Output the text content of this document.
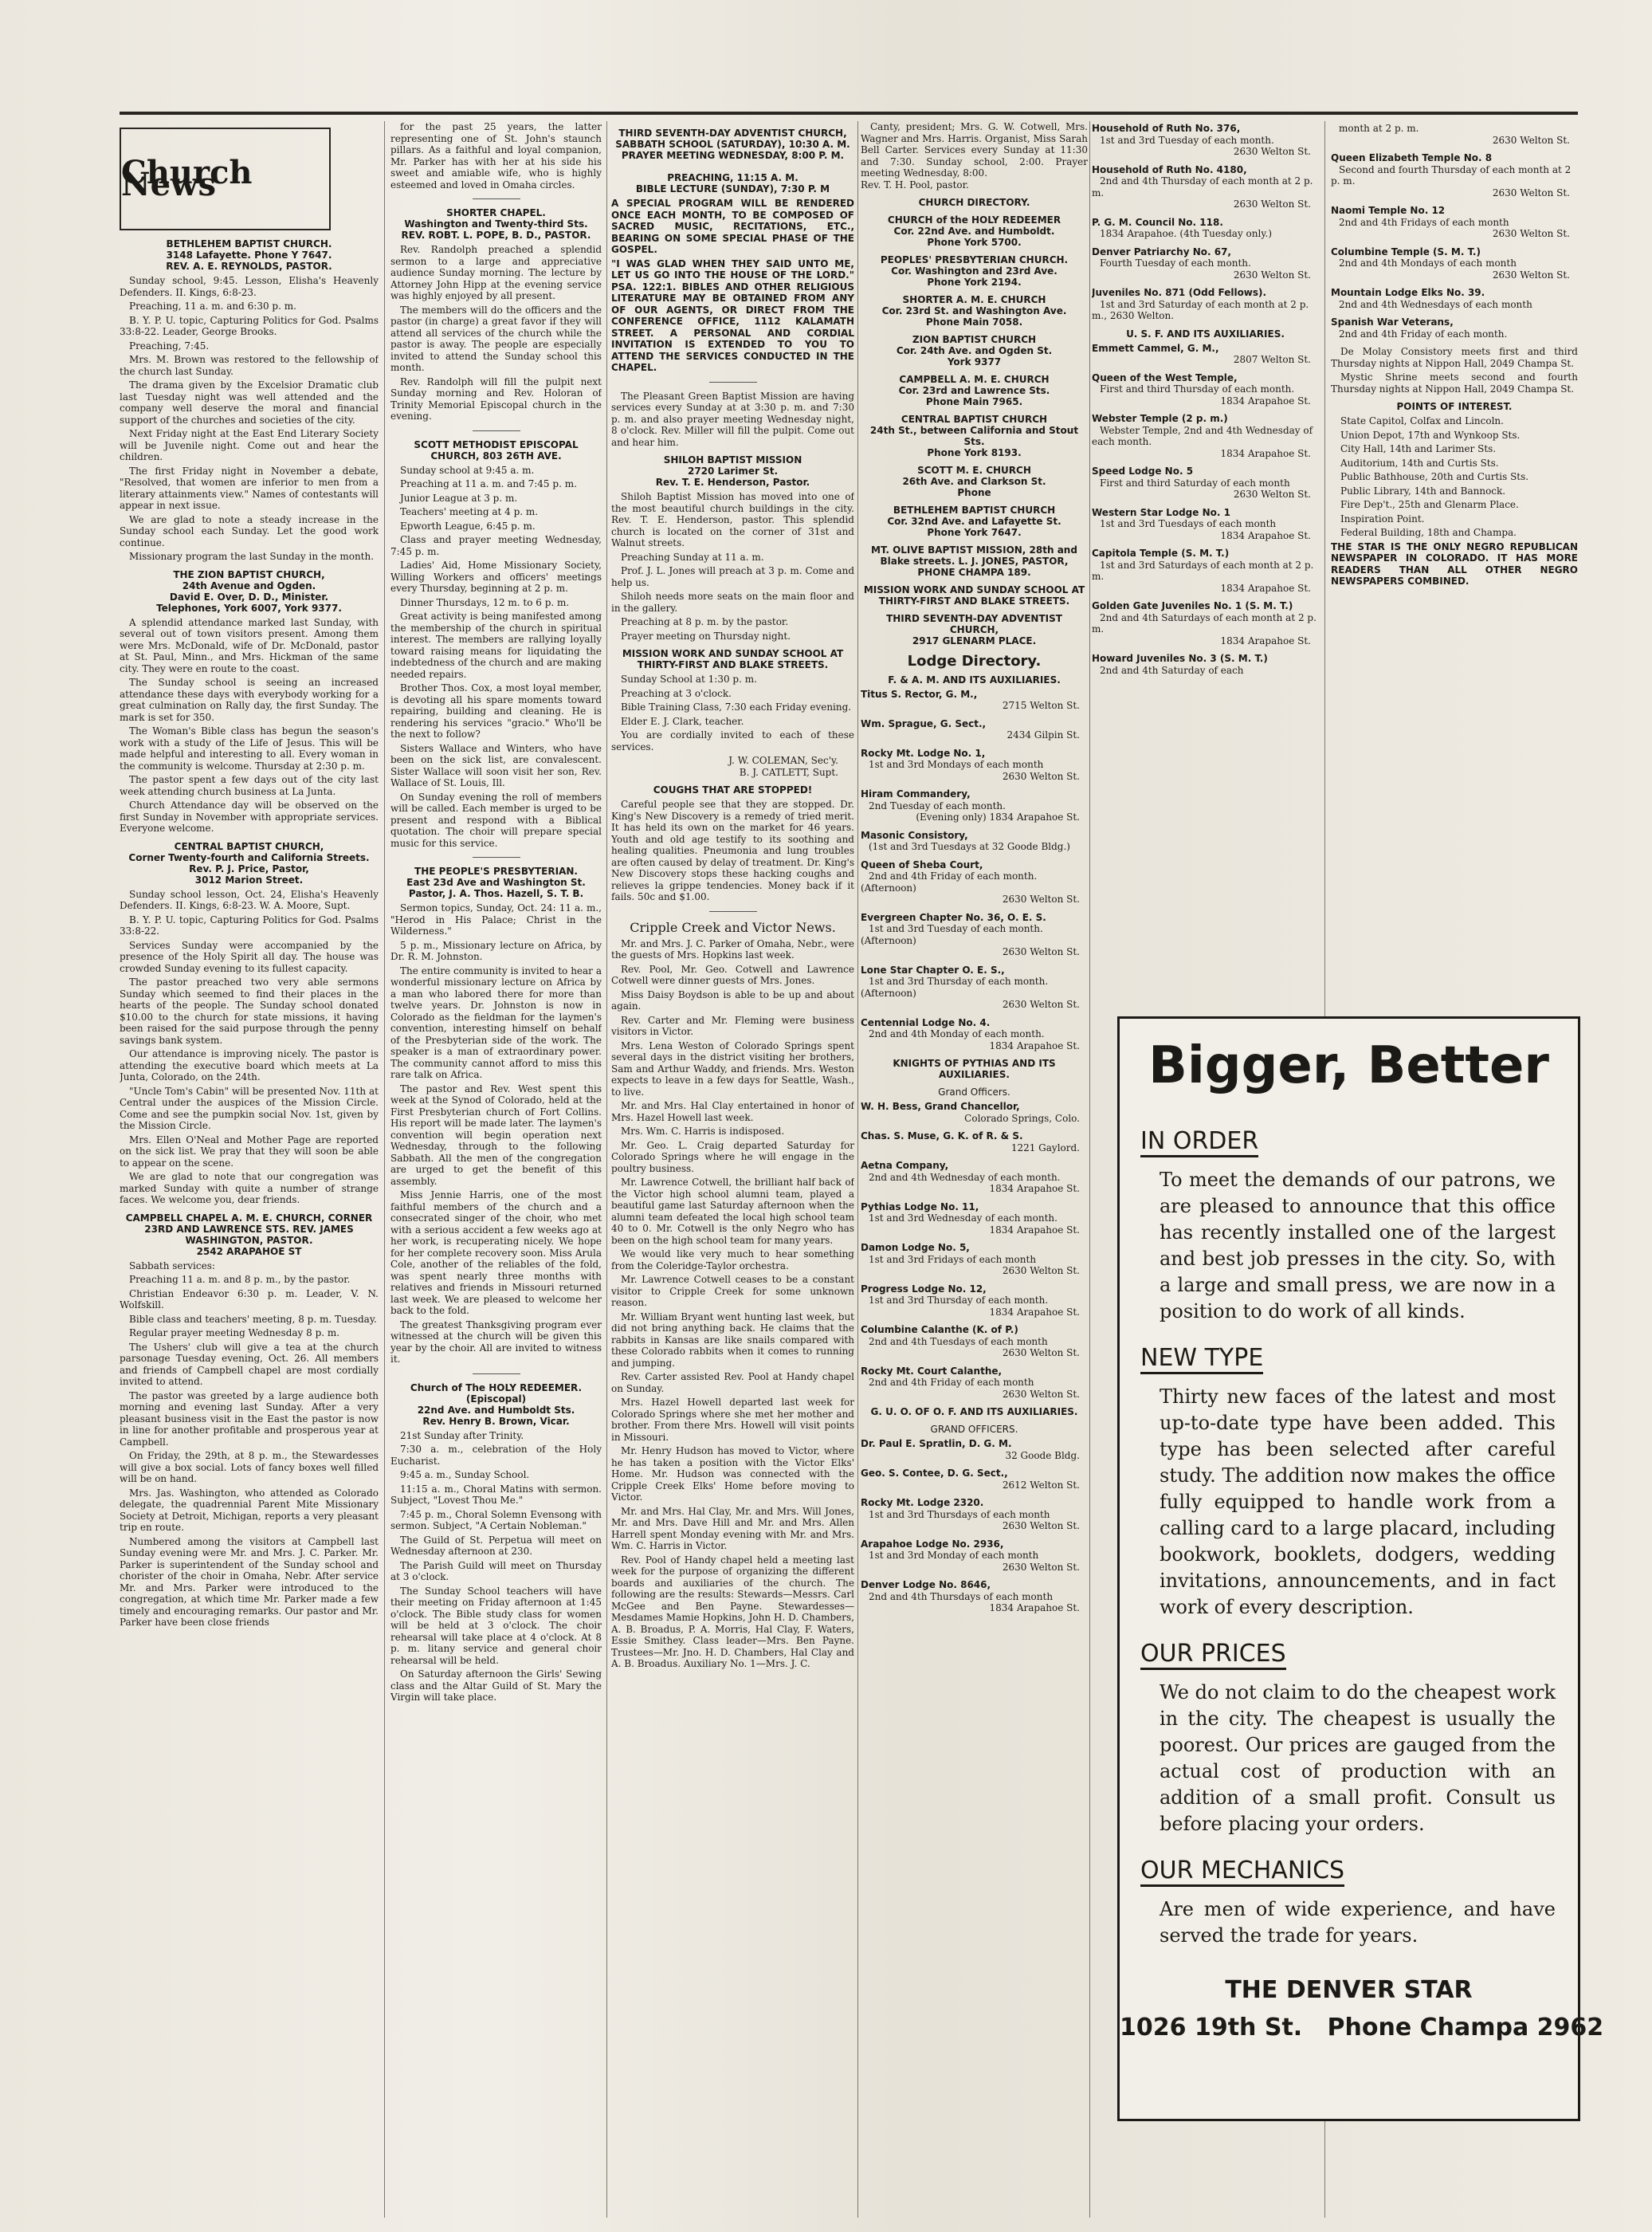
Church News
BETHLEHEM BAPTIST CHURCH.
3148 Lafayette. Phone Y 7647.
REV. A. E. REYNOLDS, PASTOR.

Sunday school, 9:45. Lesson, Elisha's Heavenly Defenders. II. Kings, 6:8-23.

Preaching, 11 a. m. and 6:30 p. m.

B. Y. P. U. topic, Capturing Politics for God. Psalms 33:8-22. Leader, George Brooks.

Preaching, 7:45.

Mrs. M. Brown was restored to the fellowship of the church last Sunday.

The drama given by the Excelsior Dramatic club last Tuesday night was well attended and the company well deserve the moral and financial support of the churches and societies of the city.

Next Friday night at the East End Literary Society will be Juvenile night. Come out and hear the children.

The first Friday night in November a debate, "Resolved, that women are inferior to men from a literary attainments view." Names of contestants will appear in next issue.

We are glad to note a steady increase in the Sunday school each Sunday. Let the good work continue.

Missionary program the last Sunday in the month.

THE ZION BAPTIST CHURCH,
24th Avenue and Ogden.
David E. Over, D. D., Minister.
Telephones, York 6007, York 9377.

A splendid attendance marked last Sunday, with several out of town visitors present. Among them were Mrs. McDonald, wife of Dr. McDonald, pastor at St. Paul, Minn., and Mrs. Hickman of the same city. They were en route to the coast.

The Sunday school is seeing an increased attendance these days with everybody working for a great culmination on Rally day, the first Sunday. The mark is set for 350.

The Woman's Bible class has begun the season's work with a study of the Life of Jesus. This will be made helpful and interesting to all. Every woman in the community is welcome. Thursday at 2:30 p. m.

The pastor spent a few days out of the city last week attending church business at La Junta.

Church Attendance day will be observed on the first Sunday in November with appropriate services. Everyone welcome.

CENTRAL BAPTIST CHURCH,
Corner Twenty-fourth and California Streets. Rev. P. J. Price, Pastor,
3012 Marion Street.

Sunday school lesson, Oct. 24, Elisha's Heavenly Defenders. II. Kings, 6:8-23. W. A. Moore, Supt.

B. Y. P. U. topic, Capturing Politics for God. Psalms 33:8-22.

Services Sunday were accompanied by the presence of the Holy Spirit all day. The house was crowded Sunday evening to its fullest capacity.

The pastor preached two very able sermons Sunday which seemed to find their places in the hearts of the people. The Sunday school donated $10.00 to the church for state missions, it having been raised for the said purpose through the penny savings bank system.

Our attendance is improving nicely. The pastor is attending the executive board which meets at La Junta, Colorado, on the 24th.

"Uncle Tom's Cabin" will be presented Nov. 11th at Central under the auspices of the Mission Circle. Come and see the pumpkin social Nov. 1st, given by the Mission Circle.

Mrs. Ellen O'Neal and Mother Page are reported on the sick list. We pray that they will soon be able to appear on the scene.

We are glad to note that our congregation was marked Sunday with quite a number of strange faces. We welcome you, dear friends.

CAMPBELL CHAPEL A. M. E. CHURCH, CORNER 23RD AND LAWRENCE STS. REV. JAMES WASHINGTON, PASTOR.
2542 ARAPAHOE ST

Sabbath services:

Preaching 11 a. m. and 8 p. m., by the pastor.

Christian Endeavor 6:30 p. m. Leader, V. N. Wolfskill.

Bible class and teachers' meeting, 8 p. m. Tuesday.

Regular prayer meeting Wednesday 8 p. m.

The Ushers' club will give a tea at the church parsonage Tuesday evening, Oct. 26. All members and friends of Campbell chapel are most cordially invited to attend.

The pastor was greeted by a large audience both morning and evening last Sunday. After a very pleasant business visit in the East the pastor is now in line for another profitable and prosperous year at Campbell.

On Friday, the 29th, at 8 p. m., the Stewardesses will give a box social. Lots of fancy boxes well filled will be on hand.

Mrs. Jas. Washington, who attended as Colorado delegate, the quadrennial Parent Mite Missionary Society at Detroit, Michigan, reports a very pleasant trip en route.

Numbered among the visitors at Campbell last Sunday evening were Mr. and Mrs. J. C. Parker. Mr. Parker is superintendent of the Sunday school and chorister of the choir in Omaha, Nebr. After service Mr. and Mrs. Parker were introduced to the congregation, at which time Mr. Parker made a few timely and encouraging remarks. Our pastor and Mr. Parker have been close friends

for the past 25 years, the latter representing one of St. John's staunch pillars. As a faithful and loyal companion, Mr. Parker has with her at his side his sweet and amiable wife, who is highly esteemed and loved in Omaha circles.

SHORTER CHAPEL.
Washington and Twenty-third Sts.
REV. ROBT. L. POPE, B. D., PASTOR.

Rev. Randolph preached a splendid sermon to a large and appreciative audience Sunday morning. The lecture by Attorney John Hipp at the evening service was highly enjoyed by all present.

The members will do the officers and the pastor (in charge) a great favor if they will attend all services of the church while the pastor is away. The people are especially invited to attend the Sunday school this month.

Rev. Randolph will fill the pulpit next Sunday morning and Rev. Holoran of Trinity Memorial Episcopal church in the evening.

SCOTT METHODIST EPISCOPAL CHURCH, 803 26TH AVE.

Sunday school at 9:45 a. m.

Preaching at 11 a. m. and 7:45 p. m.

Junior League at 3 p. m.

Teachers' meeting at 4 p. m.

Epworth League, 6:45 p. m.

Class and prayer meeting Wednesday, 7:45 p. m.

Ladies' Aid, Home Missionary Society, Willing Workers and officers' meetings every Thursday, beginning at 2 p. m.

Dinner Thursdays, 12 m. to 6 p. m.

Great activity is being manifested among the membership of the church in spiritual interest. The members are rallying loyally toward raising means for liquidating the indebtedness of the church and are making needed repairs.

Brother Thos. Cox, a most loyal member, is devoting all his spare moments toward repairing, building and cleaning. He is rendering his services "gracio." Who'll be the next to follow?

Sisters Wallace and Winters, who have been on the sick list, are convalescent. Sister Wallace will soon visit her son, Rev. Wallace of St. Louis, Ill.

On Sunday evening the roll of members will be called. Each member is urged to be present and respond with a Biblical quotation. The choir will prepare special music for this service.

THE PEOPLE'S PRESBYTERIAN.
East 23d Ave and Washington St.
Pastor, J. A. Thos. Hazell, S. T. B.

Sermon topics, Sunday, Oct. 24: 11 a. m., "Herod in His Palace; Christ in the Wilderness."

5 p. m., Missionary lecture on Africa, by Dr. R. M. Johnston.

The entire community is invited to hear a wonderful missionary lecture on Africa by a man who labored there for more than twelve years. Dr. Johnston is now in Colorado as the fieldman for the laymen's convention, interesting himself on behalf of the Presbyterian side of the work. The speaker is a man of extraordinary power. The community cannot afford to miss this rare talk on Africa.

The pastor and Rev. West spent this week at the Synod of Colorado, held at the First Presbyterian church of Fort Collins. His report will be made later. The laymen's convention will begin operation next Wednesday, through to the following Sabbath. All the men of the congregation are urged to get the benefit of this assembly.

Miss Jennie Harris, one of the most faithful members of the church and a consecrated singer of the choir, who met with a serious accident a few weeks ago at her work, is recuperating nicely. We hope for her complete recovery soon. Miss Arula Cole, another of the reliables of the fold, was spent nearly three months with relatives and friends in Missouri returned last week. We are pleased to welcome her back to the fold.

The greatest Thanksgiving program ever witnessed at the church will be given this year by the choir. All are invited to witness it.

Church of The HOLY REDEEMER. (Episcopal)
22nd Ave. and Humboldt Sts.
Rev. Henry B. Brown, Vicar.

21st Sunday after Trinity.

7:30 a. m., celebration of the Holy Eucharist.

9:45 a. m., Sunday School.

11:15 a. m., Choral Matins with sermon. Subject, "Lovest Thou Me."

7:45 p. m., Choral Solemn Evensong with sermon. Subject, "A Certain Nobleman."

The Guild of St. Perpetua will meet on Wednesday afternoon at 230.

The Parish Guild will meet on Thursday at 3 o'clock.

The Sunday School teachers will have their meeting on Friday afternoon at 1:45 o'clock. The Bible study class for women will be held at 3 o'clock. The choir rehearsal will take place at 4 o'clock. At 8 p. m. litany service and general choir rehearsal will be held.

On Saturday afternoon the Girls' Sewing class and the Altar Guild of St. Mary the Virgin will take place.

THIRD SEVENTH-DAY ADVENTIST CHURCH,
SABBATH SCHOOL (SATURDAY), 10:30 A. M.
PRAYER MEETING WEDNESDAY, 8:00 P. M.

PREACHING, 11:15 A. M.
BIBLE LECTURE (SUNDAY), 7:30 P. M

A SPECIAL PROGRAM WILL BE RENDERED ONCE EACH MONTH, TO BE COMPOSED OF SACRED MUSIC, RECITATIONS, ETC., BEARING ON SOME SPECIAL PHASE OF THE GOSPEL.

"I WAS GLAD WHEN THEY SAID UNTO ME, LET US GO INTO THE HOUSE OF THE LORD." PSA. 122:1. BIBLES AND OTHER RELIGIOUS LITERATURE MAY BE OBTAINED FROM ANY OF OUR AGENTS, OR DIRECT FROM THE CONFERENCE OFFICE, 1112 KALAMATH STREET. A PERSONAL AND CORDIAL INVITATION IS EXTENDED TO YOU TO ATTEND THE SERVICES CONDUCTED IN THE CHAPEL.

The Pleasant Green Baptist Mission are having services every Sunday at at 3:30 p. m. and 7:30 p. m. and also prayer meeting Wednesday night, 8 o'clock. Rev. Miller will fill the pulpit. Come out and hear him.

SHILOH BAPTIST MISSION
2720 Larimer St.
Rev. T. E. Henderson, Pastor.

Shiloh Baptist Mission has moved into one of the most beautiful church buildings in the city. Rev. T. E. Henderson, pastor. This splendid church is located on the corner of 31st and Walnut streets.

Preaching Sunday at 11 a. m.

Prof. J. L. Jones will preach at 3 p. m. Come and help us.

Shiloh needs more seats on the main floor and in the gallery.

Preaching at 8 p. m. by the pastor.

Prayer meeting on Thursday night.

MISSION WORK AND SUNDAY SCHOOL AT THIRTY-FIRST AND BLAKE STREETS.

Sunday School at 1:30 p. m.

Preaching at 3 o'clock.

Bible Training Class, 7:30 each Friday evening.

Elder E. J. Clark, teacher.

You are cordially invited to each of these services.

J. W. COLEMAN, Sec'y.
B. J. CATLETT, Supt.
COUGHS THAT ARE STOPPED!

Careful people see that they are stopped. Dr. King's New Discovery is a remedy of tried merit. It has held its own on the market for 46 years. Youth and old age testify to its soothing and healing qualities. Pneumonia and lung troubles are often caused by delay of treatment. Dr. King's New Discovery stops these hacking coughs and relieves la grippe tendencies. Money back if it fails. 50c and $1.00.

Cripple Creek and Victor News.

Mr. and Mrs. J. C. Parker of Omaha, Nebr., were the guests of Mrs. Hopkins last week.

Rev. Pool, Mr. Geo. Cotwell and Lawrence Cotwell were dinner guests of Mrs. Jones.

Miss Daisy Boydson is able to be up and about again.

Rev. Carter and Mr. Fleming were business visitors in Victor.

Mrs. Lena Weston of Colorado Springs spent several days in the district visiting her brothers, Sam and Arthur Waddy, and friends. Mrs. Weston expects to leave in a few days for Seattle, Wash., to live.

Mr. and Mrs. Hal Clay entertained in honor of Mrs. Hazel Howell last week.

Mrs. Wm. C. Harris is indisposed.

Mr. Geo. L. Craig departed Saturday for Colorado Springs where he will engage in the poultry business.

Mr. Lawrence Cotwell, the brilliant half back of the Victor high school alumni team, played a beautiful game last Saturday afternoon when the alumni team defeated the local high school team 40 to 0. Mr. Cotwell is the only Negro who has been on the high school team for many years.

We would like very much to hear something from the Coleridge-Taylor orchestra.

Mr. Lawrence Cotwell ceases to be a constant visitor to Cripple Creek for some unknown reason.

Mr. William Bryant went hunting last week, but did not bring anything back. He claims that the rabbits in Kansas are like snails compared with these Colorado rabbits when it comes to running and jumping.

Rev. Carter assisted Rev. Pool at Handy chapel on Sunday.

Mrs. Hazel Howell departed last week for Colorado Springs where she met her mother and brother. From there Mrs. Howell will visit points in Missouri.

Mr. Henry Hudson has moved to Victor, where he has taken a position with the Victor Elks' Home. Mr. Hudson was connected with the Cripple Creek Elks' Home before moving to Victor.

Mr. and Mrs. Hal Clay, Mr. and Mrs. Will Jones, Mr. and Mrs. Dave Hill and Mr. and Mrs. Allen Harrell spent Monday evening with Mr. and Mrs. Wm. C. Harris in Victor.

Rev. Pool of Handy chapel held a meeting last week for the purpose of organizing the different boards and auxiliaries of the church. The following are the results: Stewards—Messrs. Carl McGee and Ben Payne. Stewardesses—Mesdames Mamie Hopkins, John H. D. Chambers, A. B. Broadus, P. A. Morris, Hal Clay, F. Waters, Essie Smithey. Class leader—Mrs. Ben Payne. Trustees—Mr. Jno. H. D. Chambers, Hal Clay and A. B. Broadus. Auxiliary No. 1—Mrs. J. C.

Canty, president; Mrs. G. W. Cotwell, Mrs. Wagner and Mrs. Harris. Organist, Miss Sarah Bell Carter. Services every Sunday at 11:30 and 7:30. Sunday school, 2:00. Prayer meeting Wednesday, 8:00.
Rev. T. H. Pool, pastor.

CHURCH DIRECTORY.
CHURCH of the HOLY REDEEMER
Cor. 22nd Ave. and Humboldt.
Phone York 5700.
PEOPLES' PRESBYTERIAN CHURCH.
Cor. Washington and 23rd Ave.
Phone York 2194.
SHORTER A. M. E. CHURCH
Cor. 23rd St. and Washington Ave.
Phone Main 7058.
ZION BAPTIST CHURCH
Cor. 24th Ave. and Ogden St.
York 9377
CAMPBELL A. M. E. CHURCH
Cor. 23rd and Lawrence Sts.
Phone Main 7965.
CENTRAL BAPTIST CHURCH
24th St., between California and Stout Sts.
Phone York 8193.
SCOTT M. E. CHURCH
26th Ave. and Clarkson St.
Phone
BETHLEHEM BAPTIST CHURCH
Cor. 32nd Ave. and Lafayette St.
Phone York 7647.
MT. OLIVE BAPTIST MISSION, 28th and Blake streets. L. J. JONES, PASTOR, PHONE CHAMPA 189.
MISSION WORK AND SUNDAY SCHOOL AT THIRTY-FIRST AND BLAKE STREETS.
THIRD SEVENTH-DAY ADVENTIST CHURCH,
2917 GLENARM PLACE.
Lodge Directory.
F. & A. M. AND ITS AUXILIARIES.
Titus S. Rector, G. M.,
2715 Welton St.
Wm. Sprague, G. Sect.,
2434 Gilpin St.
Rocky Mt. Lodge No. 1,
1st and 3rd Mondays of each month
2630 Welton St.
Hiram Commandery,
2nd Tuesday of each month.
(Evening only) 1834 Arapahoe St.
Masonic Consistory,
(1st and 3rd Tuesdays at 32 Goode Bldg.)
Queen of Sheba Court,
2nd and 4th Friday of each month. (Afternoon)
2630 Welton St.
Evergreen Chapter No. 36, O. E. S.
1st and 3rd Tuesday of each month. (Afternoon)
2630 Welton St.
Lone Star Chapter O. E. S.,
1st and 3rd Thursday of each month. (Afternoon)
2630 Welton St.
Centennial Lodge No. 4.
2nd and 4th Monday of each month.
1834 Arapahoe St.
KNIGHTS OF PYTHIAS AND ITS AUXILIARIES.
Grand Officers.
W. H. Bess, Grand Chancellor,
Colorado Springs, Colo.
Chas. S. Muse, G. K. of R. & S.
1221 Gaylord.
Aetna Company,
2nd and 4th Wednesday of each month.
1834 Arapahoe St.
Pythias Lodge No. 11,
1st and 3rd Wednesday of each month.
1834 Arapahoe St.
Damon Lodge No. 5,
1st and 3rd Fridays of each month
2630 Welton St.
Progress Lodge No. 12,
1st and 3rd Thursday of each month.
1834 Arapahoe St.
Columbine Calanthe (K. of P.)
2nd and 4th Tuesdays of each month
2630 Welton St.
Rocky Mt. Court Calanthe,
2nd and 4th Friday of each month
2630 Welton St.
G. U. O. OF O. F. AND ITS AUXILIARIES.
GRAND OFFICERS.
Dr. Paul E. Spratlin, D. G. M.
32 Goode Bldg.
Geo. S. Contee, D. G. Sect.,
2612 Welton St.
Rocky Mt. Lodge 2320.
1st and 3rd Thursdays of each month
2630 Welton St.
Arapahoe Lodge No. 2936,
1st and 3rd Monday of each month
2630 Welton St.
Denver Lodge No. 8646,
2nd and 4th Thursdays of each month
1834 Arapahoe St.
Household of Ruth No. 376,
1st and 3rd Tuesday of each month.
2630 Welton St.
Household of Ruth No. 4180,
2nd and 4th Thursday of each month at 2 p. m.
2630 Welton St.
P. G. M. Council No. 118.
1834 Arapahoe. (4th Tuesday only.)
Denver Patriarchy No. 67,
Fourth Tuesday of each month.
2630 Welton St.
Juveniles No. 871 (Odd Fellows).
1st and 3rd Saturday of each month at 2 p. m., 2630 Welton.
U. S. F. AND ITS AUXILIARIES.
Emmett Cammel, G. M.,
2807 Welton St.
Queen of the West Temple,
First and third Thursday of each month.
1834 Arapahoe St.
Webster Temple (2 p. m.)
Webster Temple, 2nd and 4th Wednesday of each month.
1834 Arapahoe St.
Speed Lodge No. 5
First and third Saturday of each month
2630 Welton St.
Western Star Lodge No. 1
1st and 3rd Tuesdays of each month
1834 Arapahoe St.
Capitola Temple (S. M. T.)
1st and 3rd Saturdays of each month at 2 p. m.
1834 Arapahoe St.
Golden Gate Juveniles No. 1 (S. M. T.)
2nd and 4th Saturdays of each month at 2 p. m.
1834 Arapahoe St.
Howard Juveniles No. 3 (S. M. T.)
2nd and 4th Saturday of each
month at 2 p. m.
2630 Welton St.
Queen Elizabeth Temple No. 8
Second and fourth Thursday of each month at 2 p. m.
2630 Welton St.
Naomi Temple No. 12
2nd and 4th Fridays of each month
2630 Welton St.
Columbine Temple (S. M. T.)
2nd and 4th Mondays of each month
2630 Welton St.
Mountain Lodge Elks No. 39.
2nd and 4th Wednesdays of each month
Spanish War Veterans,
2nd and 4th Friday of each month.

De Molay Consistory meets first and third Thursday nights at Nippon Hall, 2049 Champa St.

Mystic Shrine meets second and fourth Thursday nights at Nippon Hall, 2049 Champa St.

POINTS OF INTEREST.

State Capitol, Colfax and Lincoln.

Union Depot, 17th and Wynkoop Sts.

City Hall, 14th and Larimer Sts.

Auditorium, 14th and Curtis Sts.

Public Bathhouse, 20th and Curtis Sts.

Public Library, 14th and Bannock.

Fire Dep't., 25th and Glenarm Place.

Inspiration Point.

Federal Building, 18th and Champa.

THE STAR IS THE ONLY NEGRO REPUBLICAN NEWSPAPER IN COLORADO. IT HAS MORE READERS THAN ALL OTHER NEGRO NEWSPAPERS COMBINED.

Bigger, Better
IN ORDER
To meet the demands of our patrons, we are pleased to announce that this office has recently installed one of the largest and best job presses in the city. So, with a large and small press, we are now in a position to do work of all kinds.
NEW TYPE
Thirty new faces of the latest and most up-to-date type have been added. This type has been selected after careful study. The addition now makes the office fully equipped to handle work from a calling card to a large placard, including bookwork, booklets, dodgers, wedding invitations, announcements, and in fact work of every description.
OUR PRICES
We do not claim to do the cheapest work in the city. The cheapest is usually the poorest. Our prices are gauged from the actual cost of production with an addition of a small profit. Consult us before placing your orders.
OUR MECHANICS
Are men of wide experience, and have served the trade for years.
THE DENVER STAR
1026 19th St.   Phone Champa 2962
